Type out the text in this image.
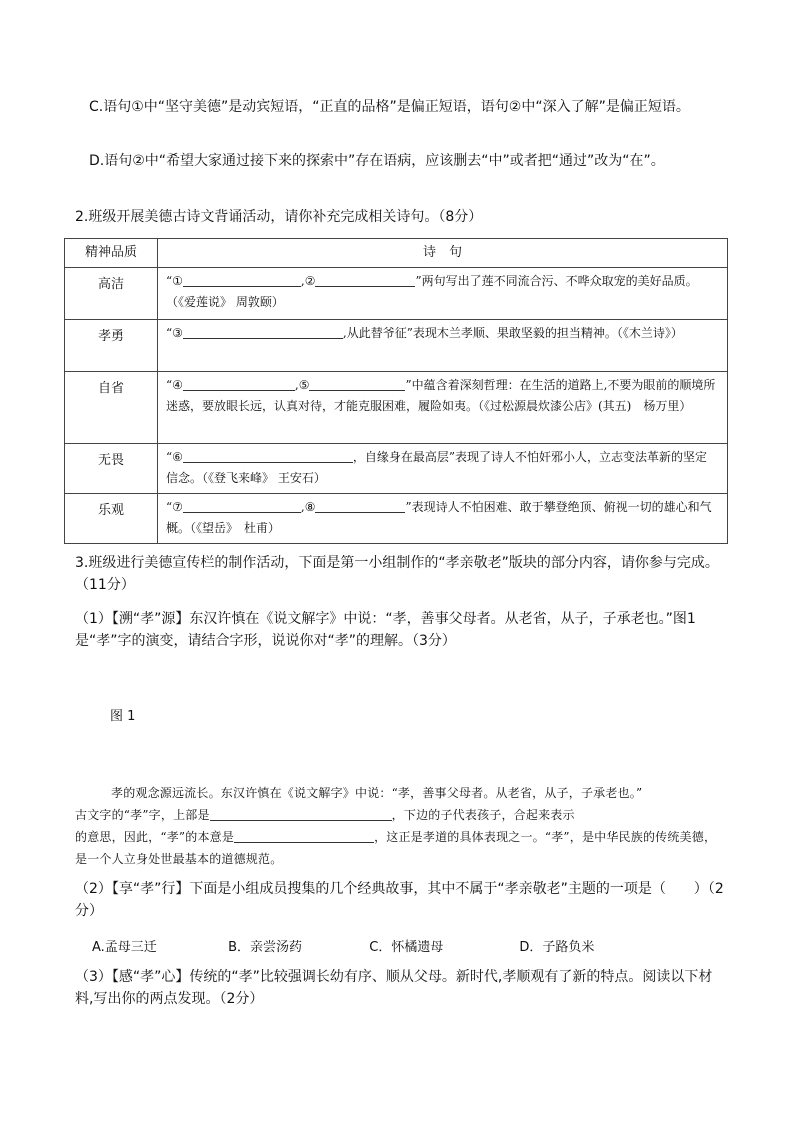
C.语句①中“坚守美德”是动宾短语，“正直的品格”是偏正短语，语句②中“深入了解”是偏正短语。
D.语句②中“希望大家通过接下来的探索中”存在语病，应该删去“中”或者把“通过”改为“在”。
2.班级开展美德古诗文背诵活动，请你补充完成相关诗句。（8分）
精神品质	诗　句
高洁	“① ,② ”两句写出了莲不同流合污、不哗众取宠的美好品质。（《爱莲说》 周敦颐）
孝勇	“③ ,从此替爷征”表现木兰孝顺、果敢坚毅的担当精神。（《木兰诗》）
自省	“④ ,⑤ ”中蕴含着深刻哲理：在生活的道路上,不要为眼前的顺境所迷惑，要放眼长远，认真对待，才能克服困难，履险如夷。（《过松源晨炊漆公店》(其五)　杨万里）
无畏	“⑥ ，自缘身在最高层”表现了诗人不怕奸邪小人，立志变法革新的坚定信念。（《登飞来峰》 王安石）
乐观	“⑦ ,⑧ ”表现诗人不怕困难、敢于攀登绝顶、俯视一切的雄心和气概。（《望岳》　杜甫）
3.班级进行美德宣传栏的制作活动，下面是第一小组制作的“孝亲敬老”版块的部分内容，请你参与完成。（11分）
（1）【溯“孝”源】东汉许慎在《说文解字》中说：“孝，善事父母者。从老省，从子，子承老也。”图1是“孝”字的演变，请结合字形，说说你对“孝”的理解。（3分）
图 1
孝的观念源远流长。东汉许慎在《说文解字》中说：“孝，善事父母者。从老省，从子，子承老也。”
古文字的“孝”字，上部是	，下边的子代表孩子，合起来表示
的意思，因此，“孝”的本意是	，这正是孝道的具体表现之一。“孝”，是中华民族的传统美德，是一个人立身处世最基本的道德规范。
（2）【享“孝”行】下面是小组成员搜集的几个经典故事，其中不属于“孝亲敬老”主题的一项是（　　）（2分）
A.孟母三迁	B．亲尝汤药	C．怀橘遗母	D．子路负米
（3）【感“孝”心】传统的“孝”比较强调长幼有序、顺从父母。新时代,孝顺观有了新的特点。阅读以下材料,写出你的两点发现。（2分）
